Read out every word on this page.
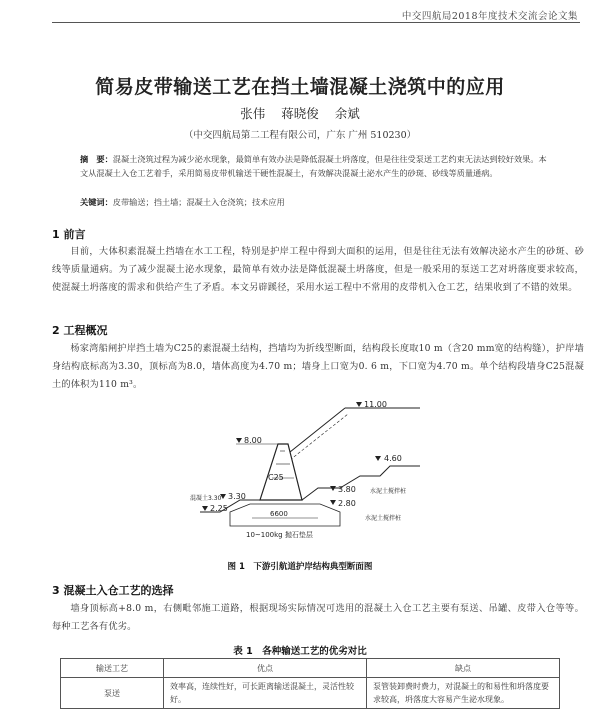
中交四航局2018年度技术交流会论文集
简易皮带输送工艺在挡土墙混凝土浇筑中的应用
张伟 蒋晓俊 余斌
（中交四航局第二工程有限公司，广东 广州 510230）
摘　要：混凝土浇筑过程为减少泌水现象，最简单有效办法是降低混凝土坍落度，但是往往受泵送工艺约束无法达到较好效果。本文从混凝土入仓工艺着手，采用简易皮带机输送干硬性混凝土，有效解决混凝土泌水产生的砂斑、砂线等质量通病。
关键词：皮带输送；挡土墙；混凝土入仓浇筑；技术应用
1 前言

目前，大体积素混凝土挡墙在水工工程，特别是护岸工程中得到大面积的运用，但是往往无法有效解决泌水产生的砂斑、砂线等质量通病。为了减少混凝土泌水现象，最简单有效办法是降低混凝土坍落度，但是一般采用的泵送工艺对坍落度要求较高，使混凝土坍落度的需求和供给产生了矛盾。本文另辟蹊径，采用水运工程中不常用的皮带机入仓工艺，结果收到了不错的效果。

2 工程概况

杨家湾船闸护岸挡土墙为C25的素混凝土结构，挡墙均为折线型断面，结构段长度取10 m（含20 mm宽的结构缝），护岸墙身结构底标高为3.30，顶标高为8.0，墙体高度为4.70 m；墙身上口宽为0. 6 m，下口宽为4.70 m。单个结构段墙身C25混凝土的体积为110 m³。

11.00
C25
8.00
4.60
3.80
2.80
水泥土搅拌桩
水泥土搅拌桩
混凝土3.30 3.30
2.25
6600
10~100kg 抛石垫层
图 1　下游引航道护岸结构典型断面图
3 混凝土入仓工艺的选择

墙身顶标高+8.0 m，右侧毗邻施工道路，根据现场实际情况可选用的混凝土入仓工艺主要有泵送、吊罐、皮带入仓等等。每种工艺各有优劣。

表 1　各种输送工艺的优劣对比
输送工艺	优点	缺点
泵送	效率高，连续性好，可长距离输送混凝土，灵活性较好。	泵管装卸费时费力，对混凝土的和易性和坍落度要求较高，坍落度大容易产生泌水现象。
